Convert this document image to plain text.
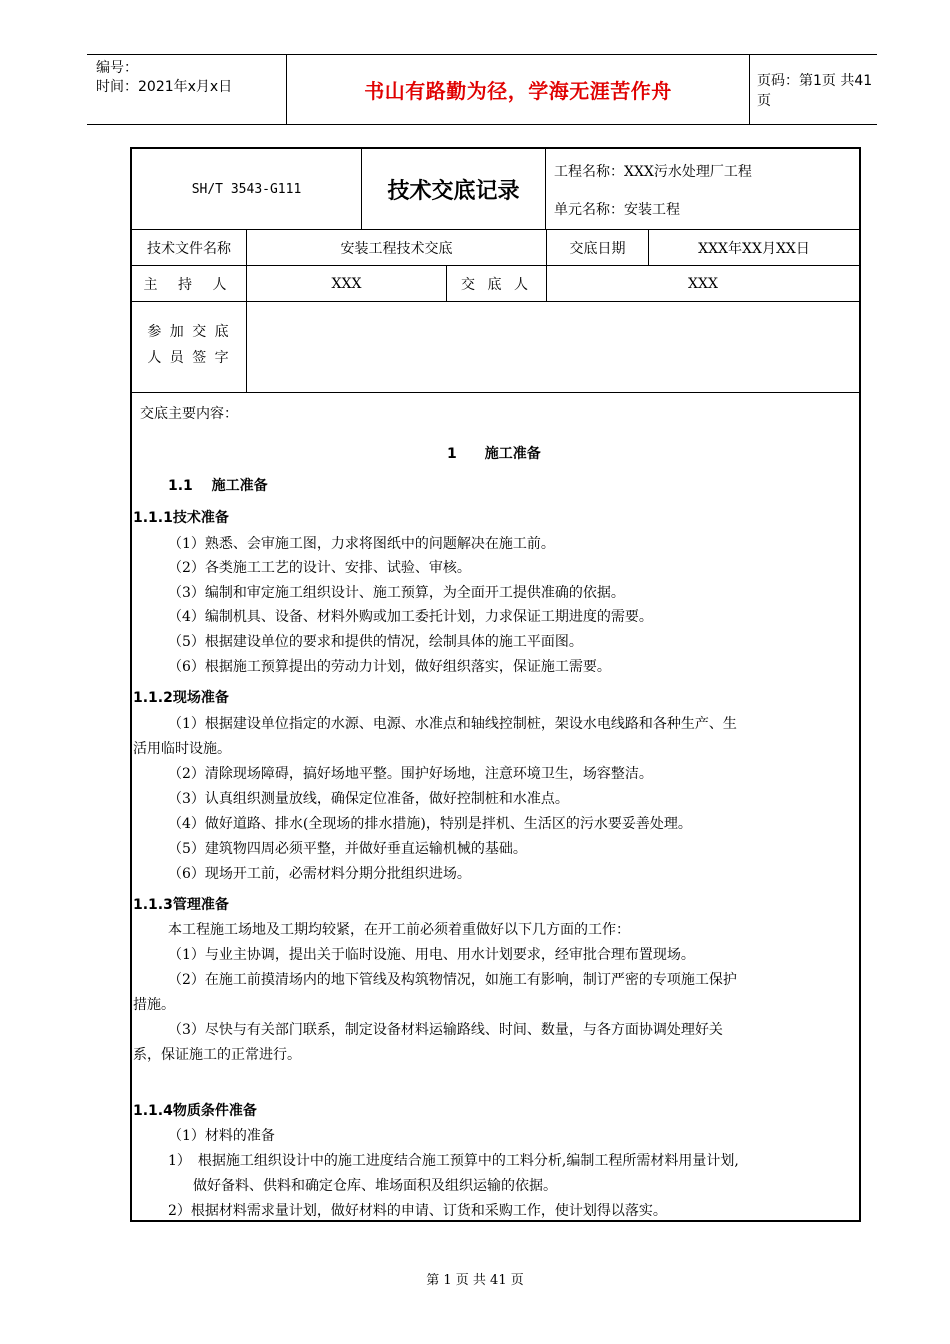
编号：
时间：2021年x月x日	书山有路勤为径，学海无涯苦作舟	页码：第1页 共41页
SH/T 3543-G111	技术交底记录
工程名称：XXX污水处理厂工程
单元名称：安装工程
技术文件名称	安装工程技术交底	交底日期	XXX年XX月XX日
主 持 人	XXX	交 底 人	XXX
参 加 交 底
人 员 签 字
交底主要内容：
1　　施工准备
1.1　 施工准备
1.1.1技术准备
（1）熟悉、会审施工图，力求将图纸中的问题解决在施工前。
（2）各类施工工艺的设计、安排、试验、审核。
（3）编制和审定施工组织设计、施工预算，为全面开工提供准确的依据。
（4）编制机具、设备、材料外购或加工委托计划，力求保证工期进度的需要。
（5）根据建设单位的要求和提供的情况，绘制具体的施工平面图。
（6）根据施工预算提出的劳动力计划，做好组织落实，保证施工需要。
1.1.2现场准备
（1）根据建设单位指定的水源、电源、水准点和轴线控制桩，架设水电线路和各种生产、生
活用临时设施。
（2）清除现场障碍，搞好场地平整。围护好场地，注意环境卫生，场容整洁。
（3）认真组织测量放线，确保定位准备，做好控制桩和水准点。
（4）做好道路、排水(全现场的排水措施)，特别是拌机、生活区的污水要妥善处理。
（5）建筑物四周必须平整，并做好垂直运输机械的基础。
（6）现场开工前，必需材料分期分批组织进场。
1.1.3管理准备
本工程施工场地及工期均较紧，在开工前必须着重做好以下几方面的工作：
（1）与业主协调，提出关于临时设施、用电、用水计划要求，经审批合理布置现场。
（2）在施工前摸清场内的地下管线及构筑物情况，如施工有影响，制订严密的专项施工保护
措施。
（3）尽快与有关部门联系，制定设备材料运输路线、时间、数量，与各方面协调处理好关
系，保证施工的正常进行。
1.1.4物质条件准备
（1）材料的准备
1）　根据施工组织设计中的施工进度结合施工预算中的工料分析,编制工程所需材料用量计划,
做好备料、供料和确定仓库、堆场面积及组织运输的依据。
2）根据材料需求量计划，做好材料的申请、订货和采购工作，使计划得以落实。
第 1 页 共 41 页
